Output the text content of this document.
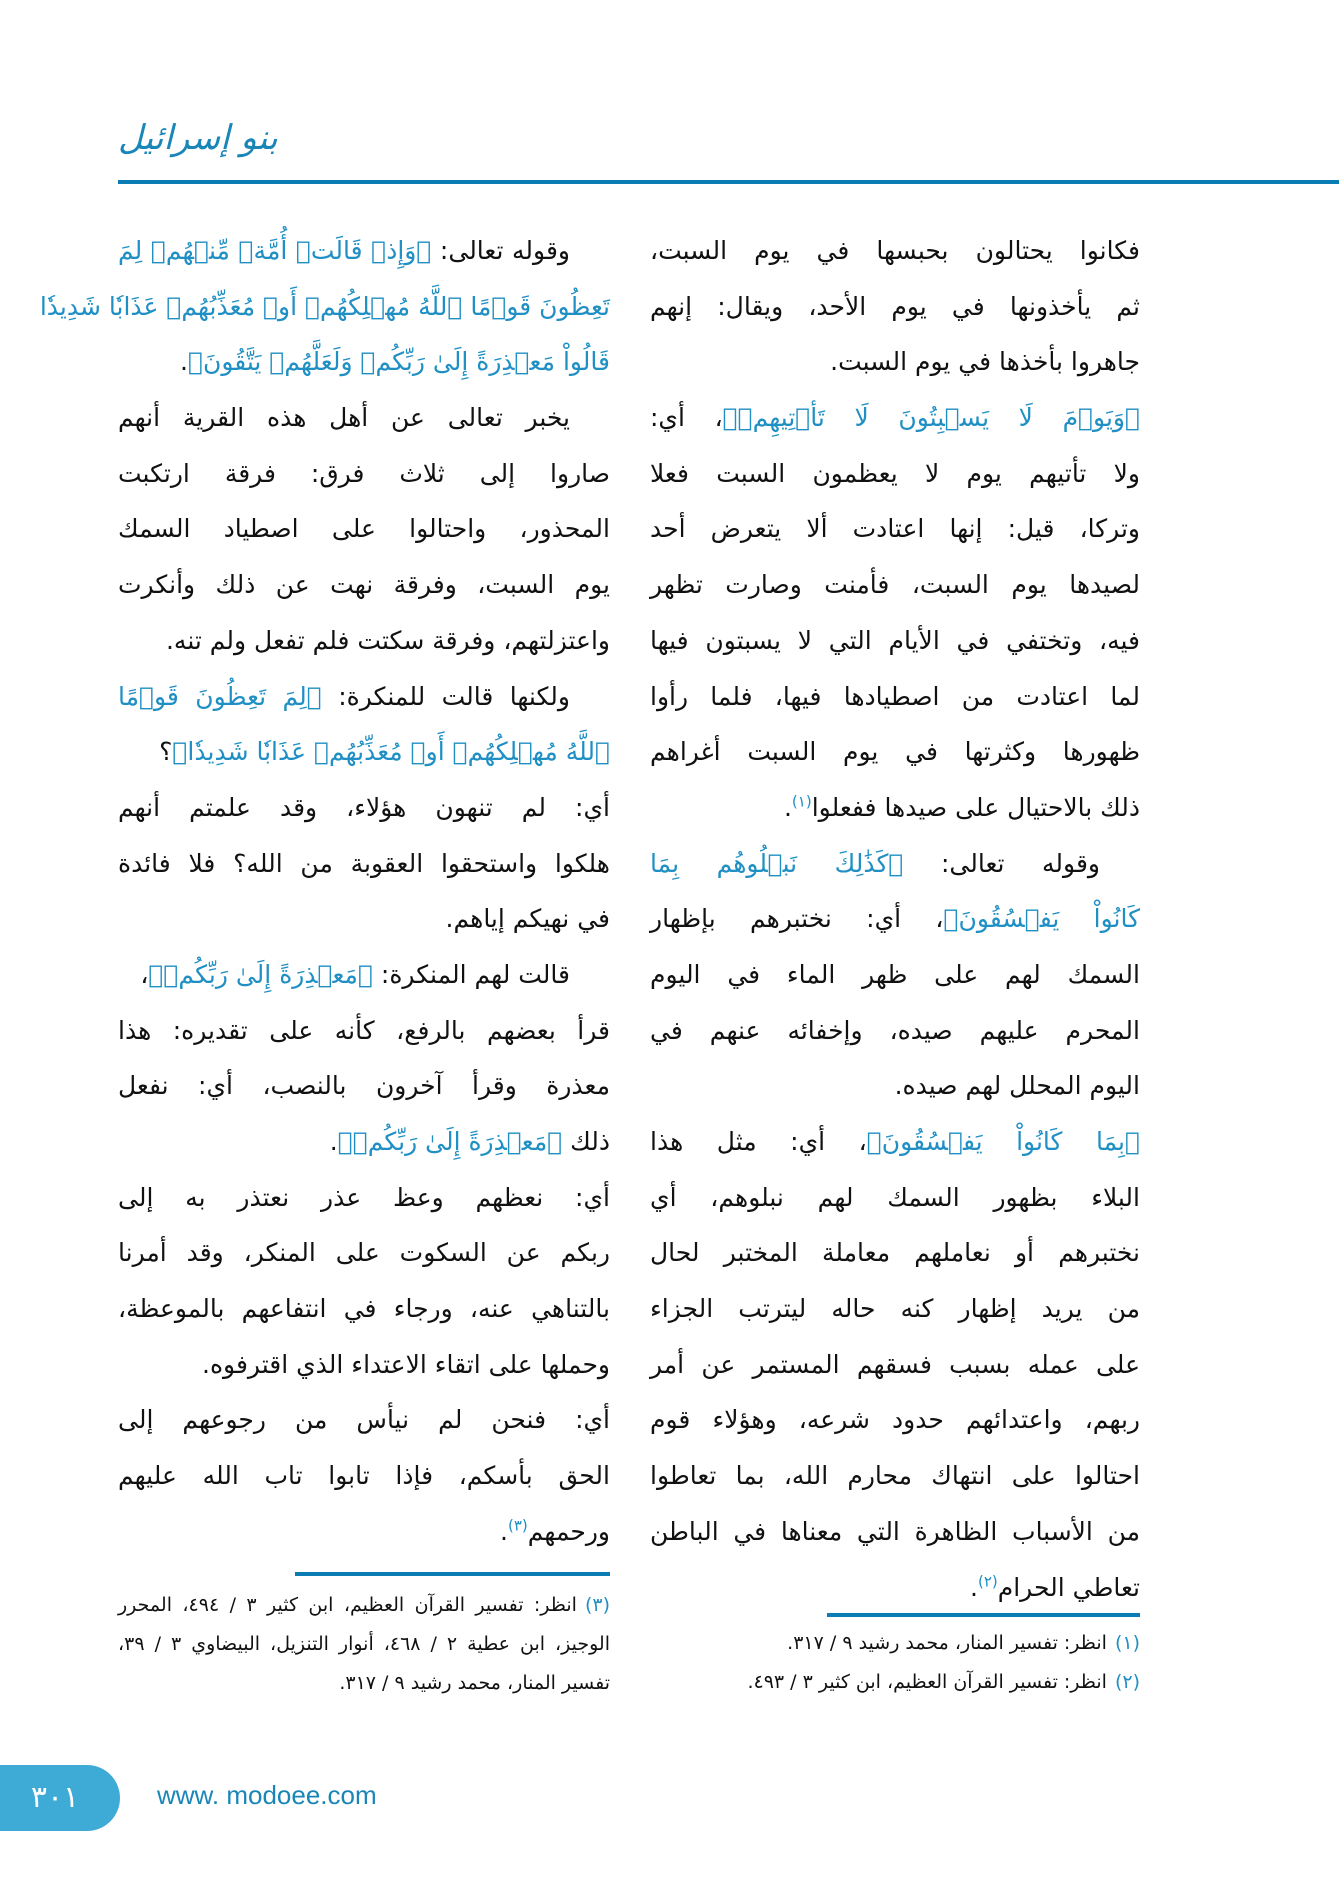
بنو إسرائيل
فكانوا يحتالون بحبسها في يوم السبت،
ثم يأخذونها في يوم الأحد، ويقال: إنهم
جاهروا بأخذها في يوم السبت.
﴿وَيَوۡمَ لَا يَسۡبِتُونَ لَا تَأۡتِيهِمۡ﴾، أي:
ولا تأتيهم يوم لا يعظمون السبت فعلا
وتركا، قيل: إنها اعتادت ألا يتعرض أحد
لصيدها يوم السبت، فأمنت وصارت تظهر
فيه، وتختفي في الأيام التي لا يسبتون فيها
لما اعتادت من اصطيادها فيها، فلما رأوا
ظهورها وكثرتها في يوم السبت أغراهم
ذلك بالاحتيال على صيدها ففعلوا$^{(١)}$.
وقوله تعالى: ﴿كَذَٰلِكَ نَبۡلُوهُم بِمَا
كَانُواْ يَفۡسُقُونَ﴾، أي: نختبرهم بإظهار
السمك لهم على ظهر الماء في اليوم
المحرم عليهم صيده، وإخفائه عنهم في
اليوم المحلل لهم صيده.
﴿بِمَا كَانُواْ يَفۡسُقُونَ﴾، أي: مثل هذا
البلاء بظهور السمك لهم نبلوهم، أي
نختبرهم أو نعاملهم معاملة المختبر لحال
من يريد إظهار كنه حاله ليترتب الجزاء
على عمله بسبب فسقهم المستمر عن أمر
ربهم، واعتدائهم حدود شرعه، وهؤلاء قوم
احتالوا على انتهاك محارم الله، بما تعاطوا
من الأسباب الظاهرة التي معناها في الباطن
تعاطي الحرام$^{(٢)}$.
وقوله تعالى: ﴿وَإِذۡ قَالَتۡ أُمَّةٞ مِّنۡهُمۡ لِمَ
تَعِظُونَ قَوۡمًا ٱللَّهُ مُهۡلِكُهُمۡ أَوۡ مُعَذِّبُهُمۡ عَذَابٗا شَدِيدٗا
قَالُواْ مَعۡذِرَةً إِلَىٰ رَبِّكُمۡ وَلَعَلَّهُمۡ يَتَّقُونَ﴾.
يخبر تعالى عن أهل هذه القرية أنهم
صاروا إلى ثلاث فرق: فرقة ارتكبت
المحذور، واحتالوا على اصطياد السمك
يوم السبت، وفرقة نهت عن ذلك وأنكرت
واعتزلتهم، وفرقة سكتت فلم تفعل ولم تنه.
ولكنها قالت للمنكرة: ﴿لِمَ تَعِظُونَ قَوۡمًا
ٱللَّهُ مُهۡلِكُهُمۡ أَوۡ مُعَذِّبُهُمۡ عَذَابٗا شَدِيدٗا﴾؟
أي: لم تنهون هؤلاء، وقد علمتم أنهم
هلكوا واستحقوا العقوبة من الله؟ فلا فائدة
في نهيكم إياهم.
قالت لهم المنكرة: ﴿مَعۡذِرَةً إِلَىٰ رَبِّكُمۡ﴾،
قرأ بعضهم بالرفع، كأنه على تقديره: هذا
معذرة وقرأ آخرون بالنصب، أي: نفعل
ذلك ﴿مَعۡذِرَةً إِلَىٰ رَبِّكُمۡ﴾.
أي: نعظهم وعظ عذر نعتذر به إلى
ربكم عن السكوت على المنكر، وقد أمرنا
بالتناهي عنه، ورجاء في انتفاعهم بالموعظة،
وحملها على اتقاء الاعتداء الذي اقترفوه.
أي: فنحن لم نيأس من رجوعهم إلى
الحق بأسكم، فإذا تابوا تاب الله عليهم
ورحمهم$^{(٣)}$.
(١)انظر: تفسير المنار، محمد رشيد ٩ / ٣١٧.
(٢)انظر: تفسير القرآن العظيم، ابن كثير ٣ / ٤٩٣.
(٣)انظر: تفسير القرآن العظيم، ابن كثير ٣ / ٤٩٤، المحرر الوجيز، ابن عطية ٢ / ٤٦٨، أنوار التنزيل، البيضاوي ٣ / ٣٩، تفسير المنار، محمد رشيد ٩ / ٣١٧.
٣٠١	www. modoee.com
